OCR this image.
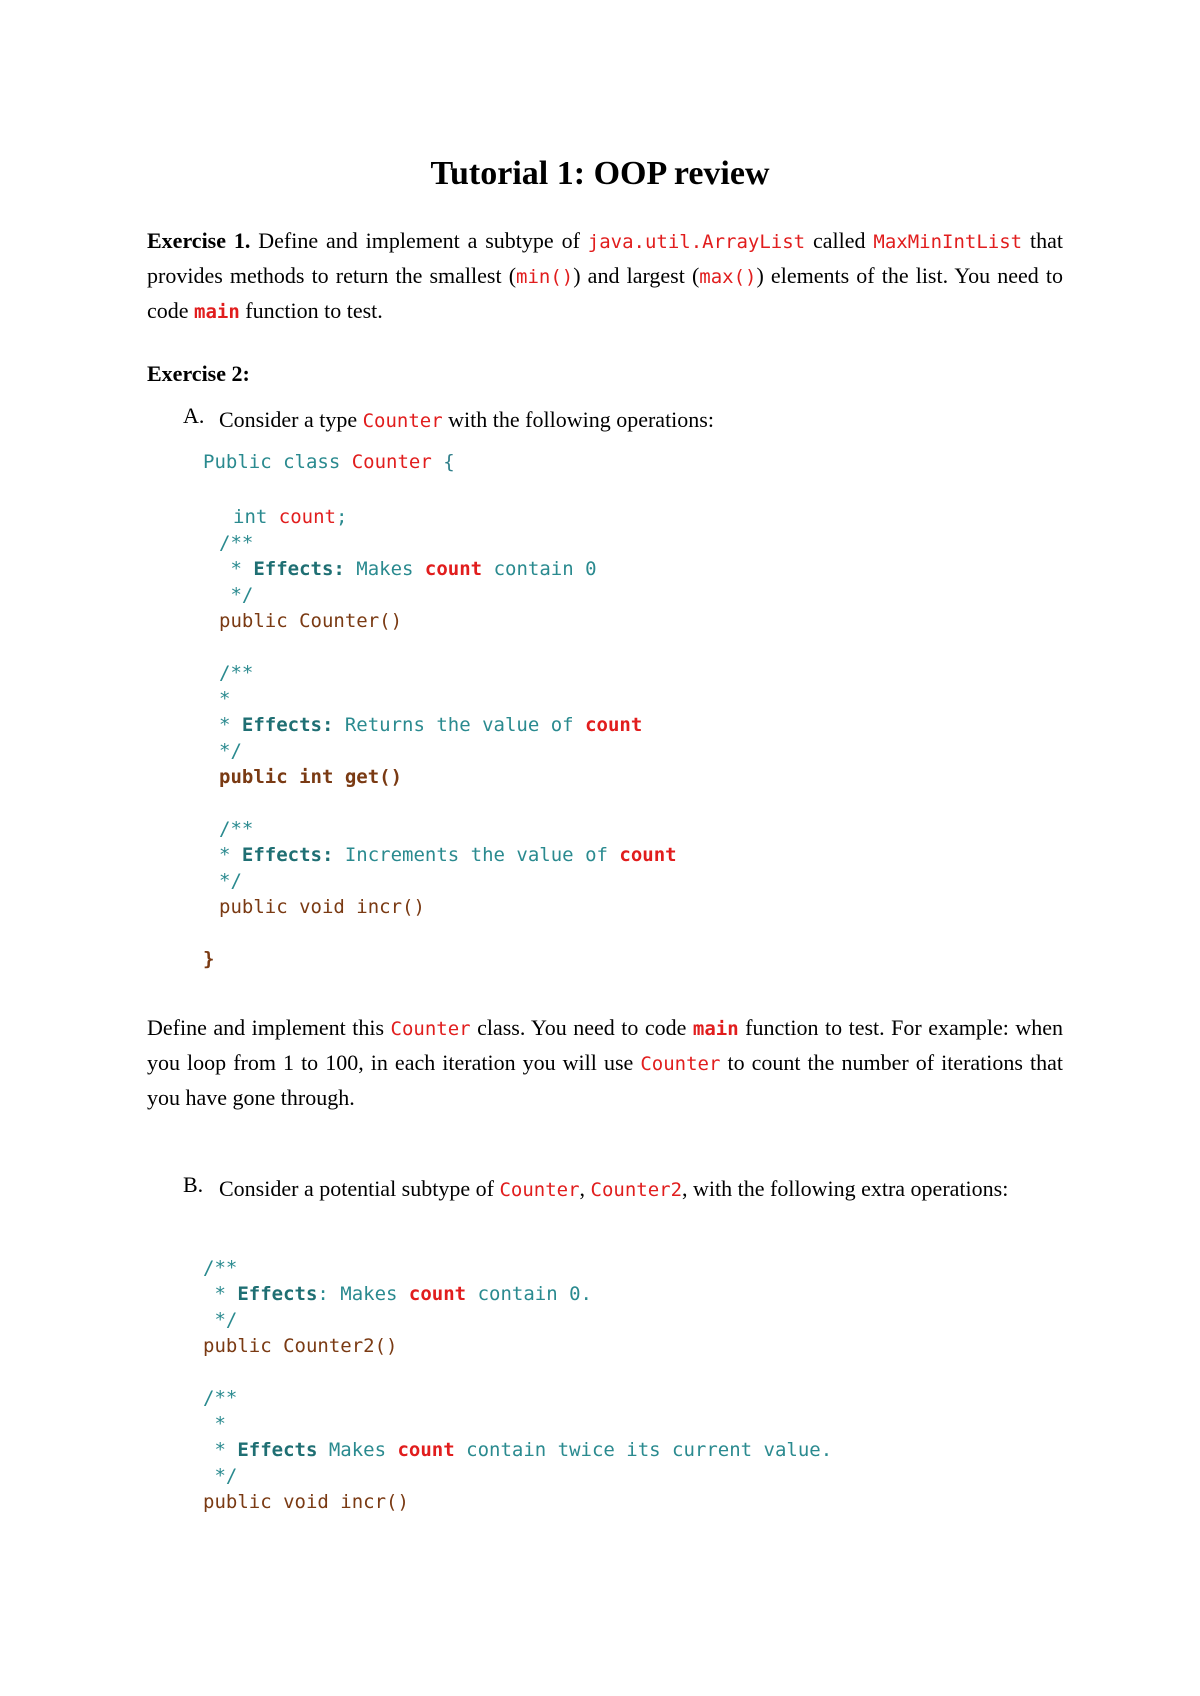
Tutorial 1: OOP review
Exercise 1. Define and implement a subtype of java.util.ArrayList called MaxMinIntList that provides methods to return the smallest (min()) and largest (max()) elements of the list. You need to code main function to test.
Exercise 2:
A. Consider a type Counter with the following operations:
Public class Counter {
int count;
/**
* Effects: Makes count contain 0
*/
public Counter()
/**
*
* Effects: Returns the value of count
*/
public int get()
/**
* Effects: Increments the value of count
*/
public void incr()
}
Define and implement this Counter class. You need to code main function to test. For example: when you loop from 1 to 100, in each iteration you will use Counter to count the number of iterations that you have gone through.
B. Consider a potential subtype of Counter, Counter2, with the following extra operations:
/**
* Effects: Makes count contain 0.
*/
public Counter2()
/**
*
* Effects Makes count contain twice its current value.
*/
public void incr()
